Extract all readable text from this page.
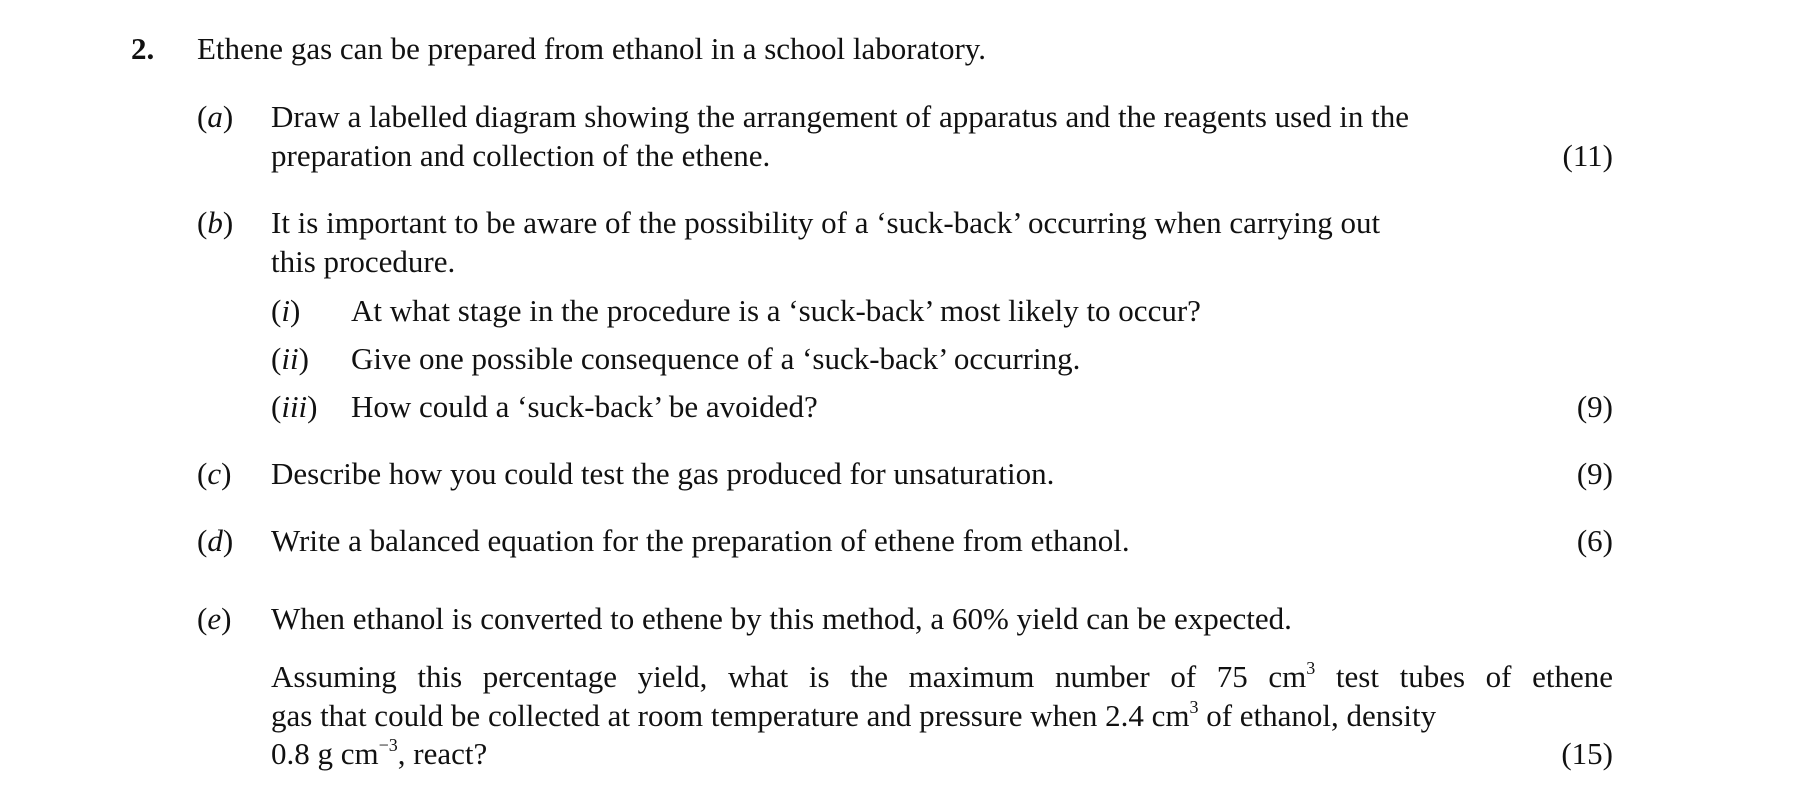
2. Ethene gas can be prepared from ethanol in a school laboratory.
(a) Draw a labelled diagram showing the arrangement of apparatus and the reagents used in the
preparation and collection of the ethene.	(11)
(b) It is important to be aware of the possibility of a ‘suck-back’ occurring when carrying out
this procedure.
(i) At what stage in the procedure is a ‘suck-back’ most likely to occur?
(ii) Give one possible consequence of a ‘suck-back’ occurring.
(iii) How could a ‘suck-back’ be avoided?	(9)
(c) Describe how you could test the gas produced for unsaturation.	(9)
(d) Write a balanced equation for the preparation of ethene from ethanol.	(6)
(e) When ethanol is converted to ethene by this method, a 60% yield can be expected.
Assuming this percentage yield, what is the maximum number of 75 $cm^3$ test tubes of ethene
gas that could be collected at room temperature and pressure when 2.4 $cm^3$ of ethanol, density
0.8 g $cm^{-3}$, react?	(15)
